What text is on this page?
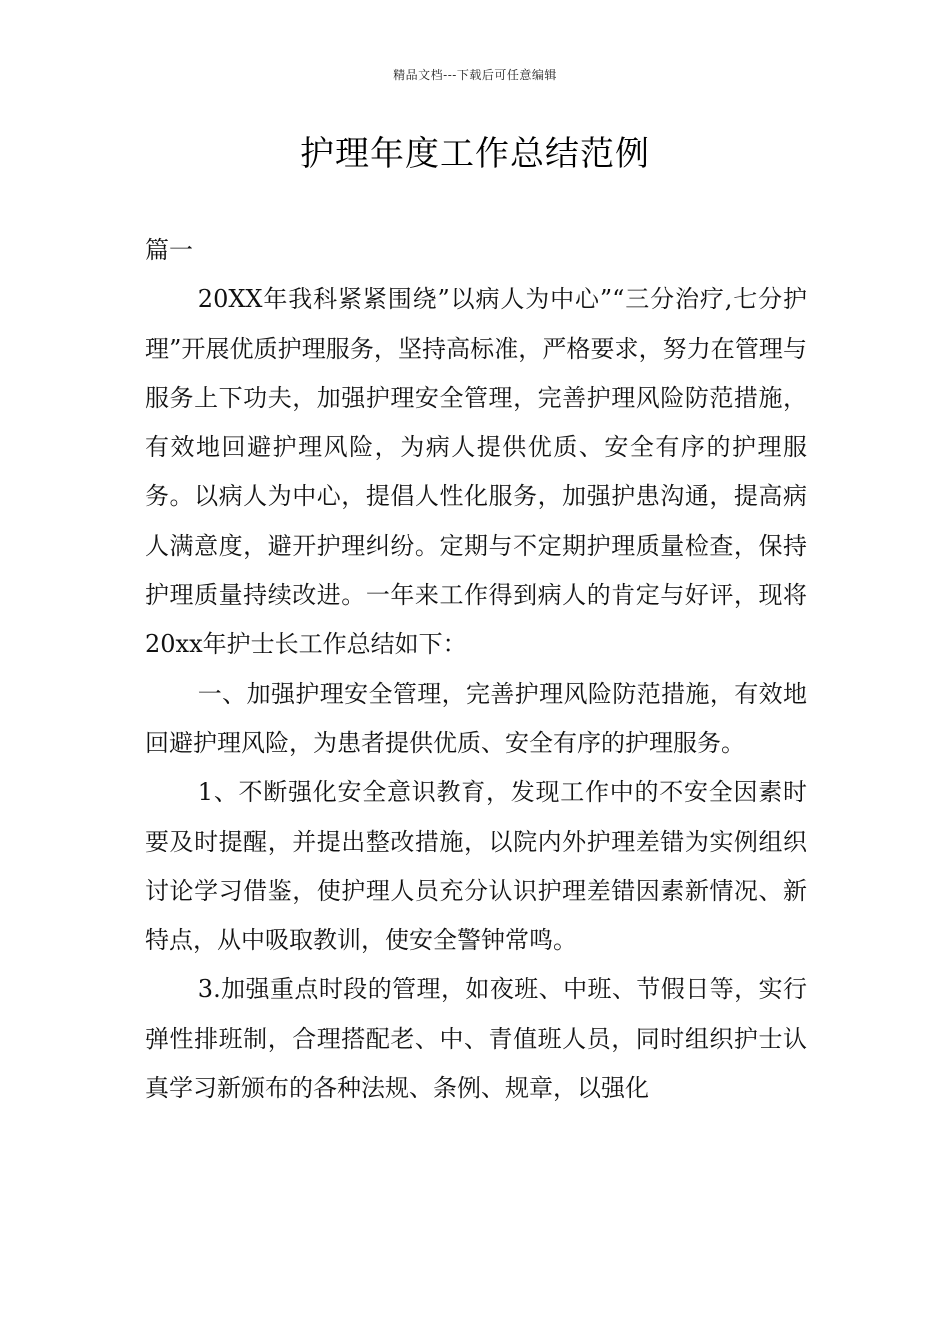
精品文档---下载后可任意编辑
护理年度工作总结范例

篇一

20XX年我科紧紧围绕”以病人为中心”“三分治疗,七分护理”开展优质护理服务，坚持高标准，严格要求，努力在管理与服务上下功夫，加强护理安全管理，完善护理风险防范措施，有效地回避护理风险，为病人提供优质、安全有序的护理服务。以病人为中心，提倡人性化服务，加强护患沟通，提高病人满意度，避开护理纠纷。定期与不定期护理质量检查，保持护理质量持续改进。一年来工作得到病人的肯定与好评，现将20xx年护士长工作总结如下：

一、加强护理安全管理，完善护理风险防范措施，有效地回避护理风险，为患者提供优质、安全有序的护理服务。

1、不断强化安全意识教育，发现工作中的不安全因素时要及时提醒，并提出整改措施，以院内外护理差错为实例组织讨论学习借鉴，使护理人员充分认识护理差错因素新情况、新特点，从中吸取教训，使安全警钟常鸣。

3.加强重点时段的管理，如夜班、中班、节假日等，实行弹性排班制，合理搭配老、中、青值班人员，同时组织护士认真学习新颁布的各种法规、条例、规章，以强化
